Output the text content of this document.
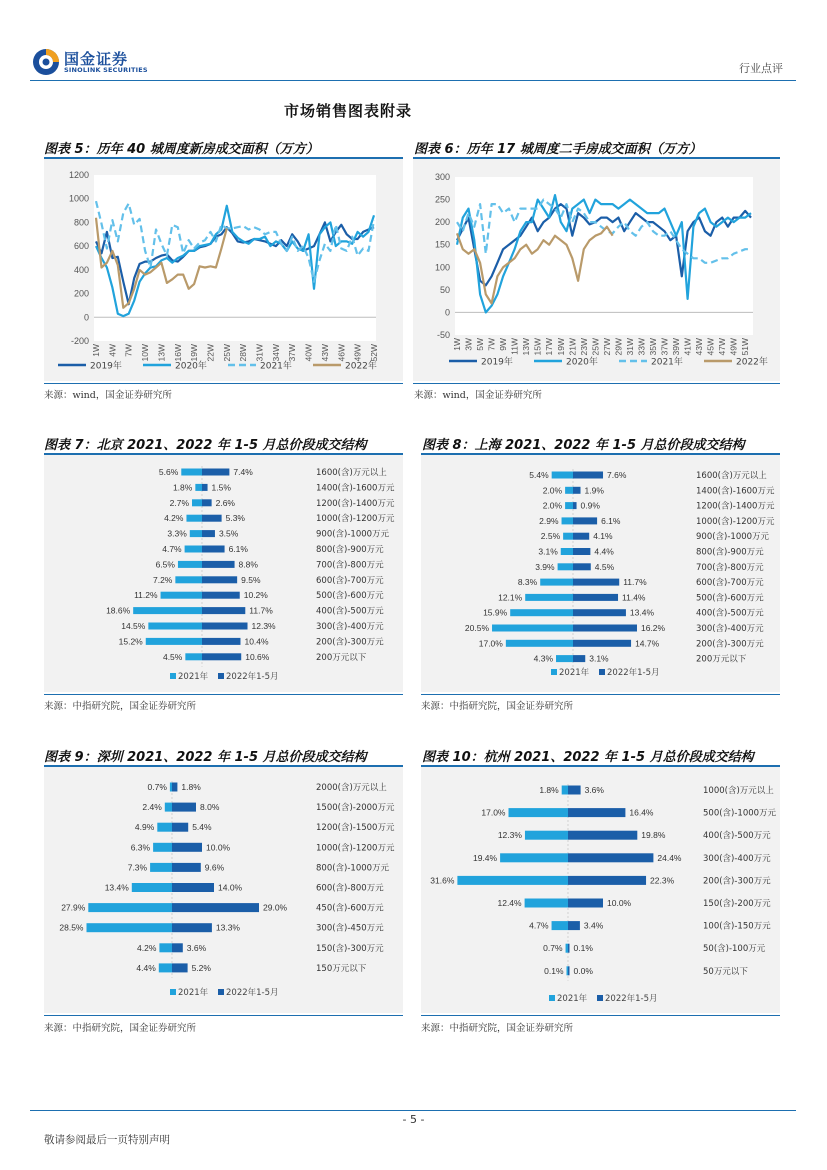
国金证券
SINOLINK SECURITIES	行业点评
市场销售图表附录
图表 5：历年 40 城周度新房成交面积（万方）
-200
0
200
400
600
800
1000
1200
1W 4W 7W 10W 13W 16W 19W 22W 25W 28W 31W 34W 37W 40W 43W 46W 49W 52W
2019年	2020年	2021年	2022年
来源：wind，国金证券研究所
图表 6：历年 17 城周度二手房成交面积（万方）
-50
0
50
100
150
200
250
300
1W 3W 5W 7W 9W 11W 13W 15W 17W 19W 21W 23W 25W 27W 29W 31W 33W 35W 37W 39W 41W 43W 45W 47W 49W 51W
2019年	2020年	2021年	2022年
来源：wind，国金证券研究所
图表 7：北京 2021、2022 年 1-5 月总价段成交结构
5.6%	7.4%	1600(含)万元以上
1.8% 1.5%	1400(含)-1600万元
2.7%	2.6%	1200(含)-1400万元
4.2%	5.3%	1000(含)-1200万元
3.3%	3.5%	900(含)-1000万元
4.7%	6.1%	800(含)-900万元
6.5%	8.8%	700(含)-800万元
7.2%	9.5%	600(含)-700万元
11.2%	10.2%	500(含)-600万元
18.6%	11.7%	400(含)-500万元
14.5%	12.3%	300(含)-400万元
15.2%	10.4%	200(含)-300万元
4.5%	10.6%	200万元以下
2021年 2022年1-5月
来源：中指研究院，国金证券研究所
图表 8：上海 2021、2022 年 1-5 月总价段成交结构
5.4%	7.6%	1600(含)万元以上
2.0%	1.9%	1400(含)-1600万元
2.0% 0.9%	1200(含)-1400万元
2.9%	6.1%	1000(含)-1200万元
2.5%	4.1%	900(含)-1000万元
3.1%	4.4%	800(含)-900万元
3.9%	4.5%	700(含)-800万元
8.3%	11.7%	600(含)-700万元
12.1%	11.4%	500(含)-600万元
15.9%	13.4%	400(含)-500万元
20.5%	16.2%	300(含)-400万元
17.0%	14.7%	200(含)-300万元
4.3%	3.1%	200万元以下
2021年 2022年1-5月
来源：中指研究院，国金证券研究所
图表 9：深圳 2021、2022 年 1-5 月总价段成交结构
0.7% 1.8%	2000(含)万元以上
2.4%	8.0%	1500(含)-2000万元
4.9%	5.4%	1200(含)-1500万元
6.3%	10.0%	1000(含)-1200万元
7.3%	9.6%	800(含)-1000万元
13.4%	14.0%	600(含)-800万元
27.9%	29.0%	450(含)-600万元
28.5%	13.3%	300(含)-450万元
4.2%	3.6%	150(含)-300万元
4.4%	5.2%	150万元以下
2021年 2022年1-5月
来源：中指研究院，国金证券研究所
图表 10：杭州 2021、2022 年 1-5 月总价段成交结构
1.8%	3.6%	1000(含)万元以上
17.0%	16.4%	500(含)-1000万元
12.3%	19.8%	400(含)-500万元
19.4%	24.4%	300(含)-400万元
31.6%	22.3%	200(含)-300万元
12.4%	10.0%	150(含)-200万元
4.7%	3.4%	100(含)-150万元
0.7% 0.1%	50(含)-100万元
0.1% 0.0%	50万元以下
2021年 2022年1-5月
来源：中指研究院，国金证券研究所
- 5 -
敬请参阅最后一页特别声明
